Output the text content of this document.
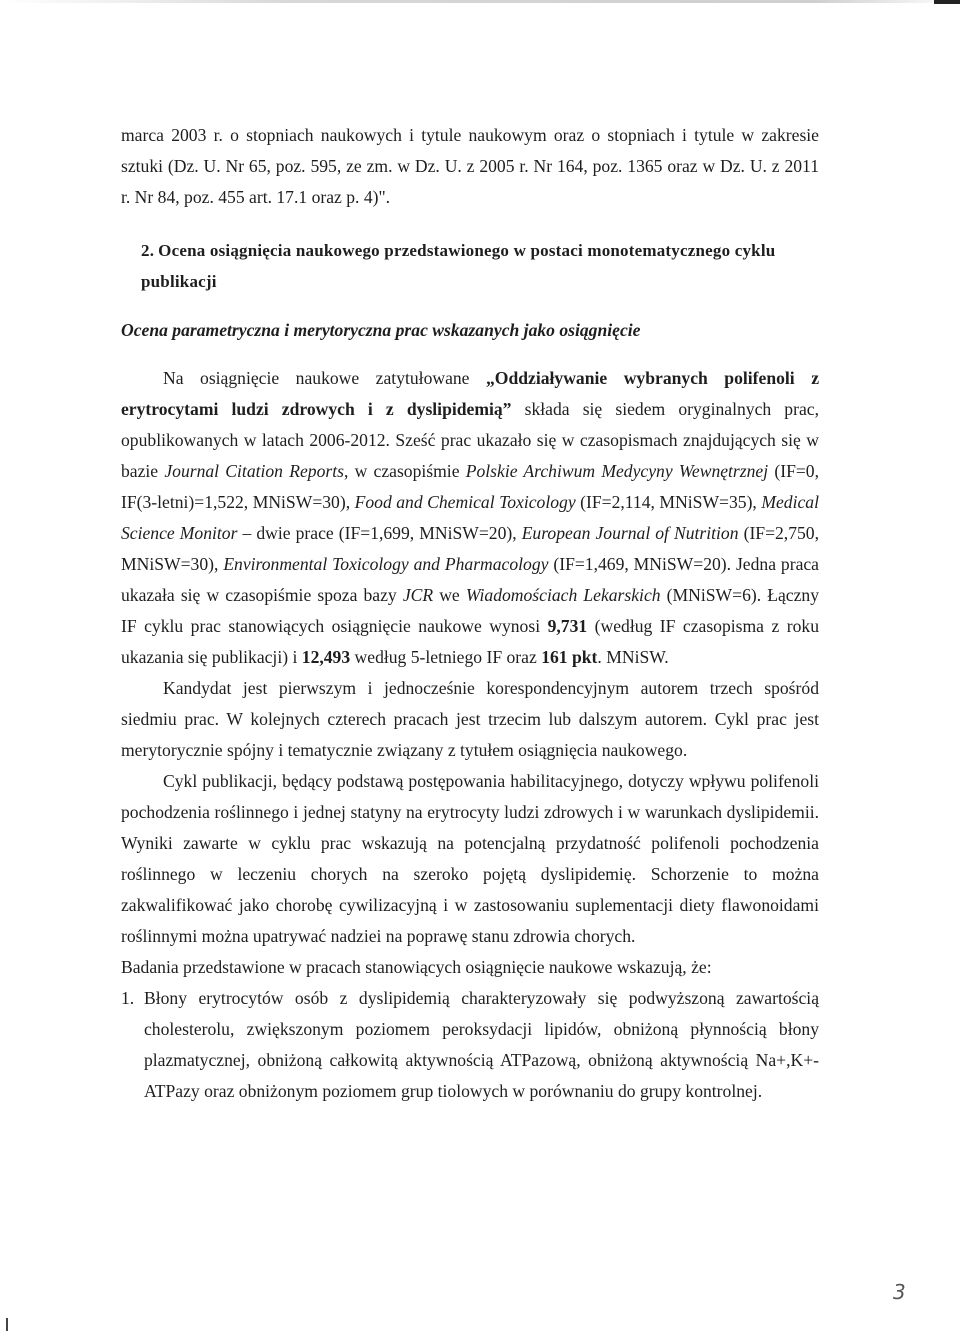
marca 2003 r. o stopniach naukowych i tytule naukowym oraz o stopniach i tytule w zakresie sztuki (Dz. U. Nr 65, poz. 595, ze zm. w Dz. U. z 2005 r. Nr 164, poz. 1365 oraz w Dz. U. z 2011 r. Nr 84, poz. 455 art. 17.1 oraz p. 4)".

2. Ocena osiągnięcia naukowego przedstawionego w postaci monotematycznego cyklu
publikacji

Ocena parametryczna i merytoryczna prac wskazanych jako osiągnięcie

Na osiągnięcie naukowe zatytułowane „Oddziaływanie wybranych polifenoli z erytrocytami ludzi zdrowych i z dyslipidemią” składa się siedem oryginalnych prac, opublikowanych w latach 2006-2012. Sześć prac ukazało się w czasopismach znajdujących się w bazie Journal Citation Reports, w czasopiśmie Polskie Archiwum Medycyny Wewnętrznej (IF=0, IF(3-letni)=1,522, MNiSW=30), Food and Chemical Toxicology (IF=2,114, MNiSW=35), Medical Science Monitor – dwie prace (IF=1,699, MNiSW=20), European Journal of Nutrition (IF=2,750, MNiSW=30), Environmental Toxicology and Pharmacology (IF=1,469, MNiSW=20). Jedna praca ukazała się w czasopiśmie spoza bazy JCR we Wiadomościach Lekarskich (MNiSW=6). Łączny IF cyklu prac stanowiących osiągnięcie naukowe wynosi 9,731 (według IF czasopisma z roku ukazania się publikacji) i 12,493 według 5-letniego IF oraz 161 pkt. MNiSW.

Kandydat jest pierwszym i jednocześnie korespondencyjnym autorem trzech spośród siedmiu prac. W kolejnych czterech pracach jest trzecim lub dalszym autorem. Cykl prac jest merytorycznie spójny i tematycznie związany z tytułem osiągnięcia naukowego.

Cykl publikacji, będący podstawą postępowania habilitacyjnego, dotyczy wpływu polifenoli pochodzenia roślinnego i jednej statyny na erytrocyty ludzi zdrowych i w warunkach dyslipidemii. Wyniki zawarte w cyklu prac wskazują na potencjalną przydatność polifenoli pochodzenia roślinnego w leczeniu chorych na szeroko pojętą dyslipidemię. Schorzenie to można zakwalifikować jako chorobę cywilizacyjną i w zastosowaniu suplementacji diety flawonoidami roślinnymi można upatrywać nadziei na poprawę stanu zdrowia chorych.

Badania przedstawione w pracach stanowiących osiągnięcie naukowe wskazują, że:

1. Błony erytrocytów osób z dyslipidemią charakteryzowały się podwyższoną zawartością cholesterolu, zwiększonym poziomem peroksydacji lipidów, obniżoną płynnością błony plazmatycznej, obniżoną całkowitą aktywnością ATPazową, obniżoną aktywnością Na+,K+-ATPazy oraz obniżonym poziomem grup tiolowych w porównaniu do grupy kontrolnej.
3
